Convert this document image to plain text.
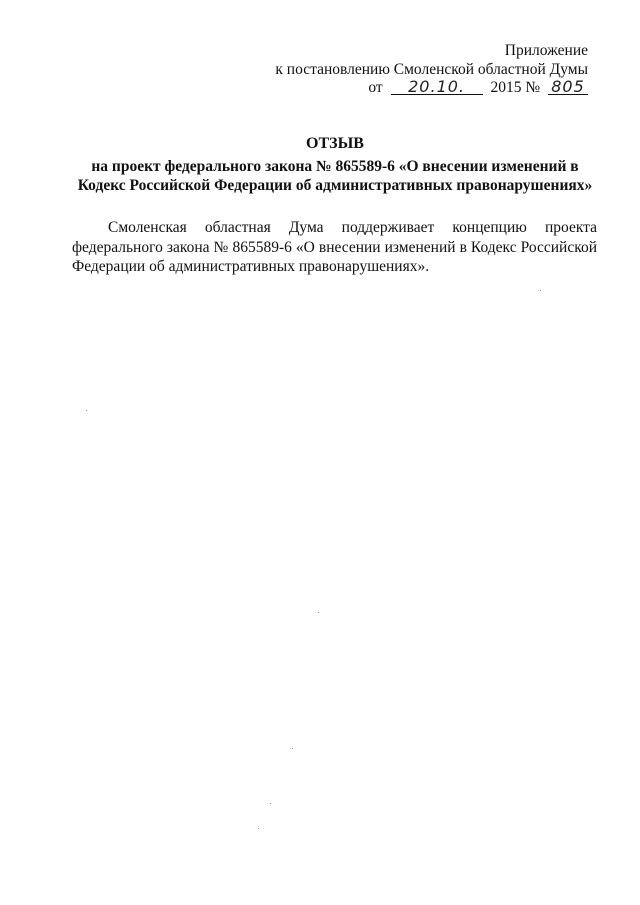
Приложение
к постановлению Смоленской областной Думы
от 20.10. 2015 № 805

ОТЗЫВ

на проект федерального закона № 865589-6 «О внесении изменений в Кодекс Российской Федерации об административных правонарушениях»

Смоленская областная Дума поддерживает концепцию проекта федерального закона № 865589-6 «О внесении изменений в Кодекс Российской Федерации об административных правонарушениях».
